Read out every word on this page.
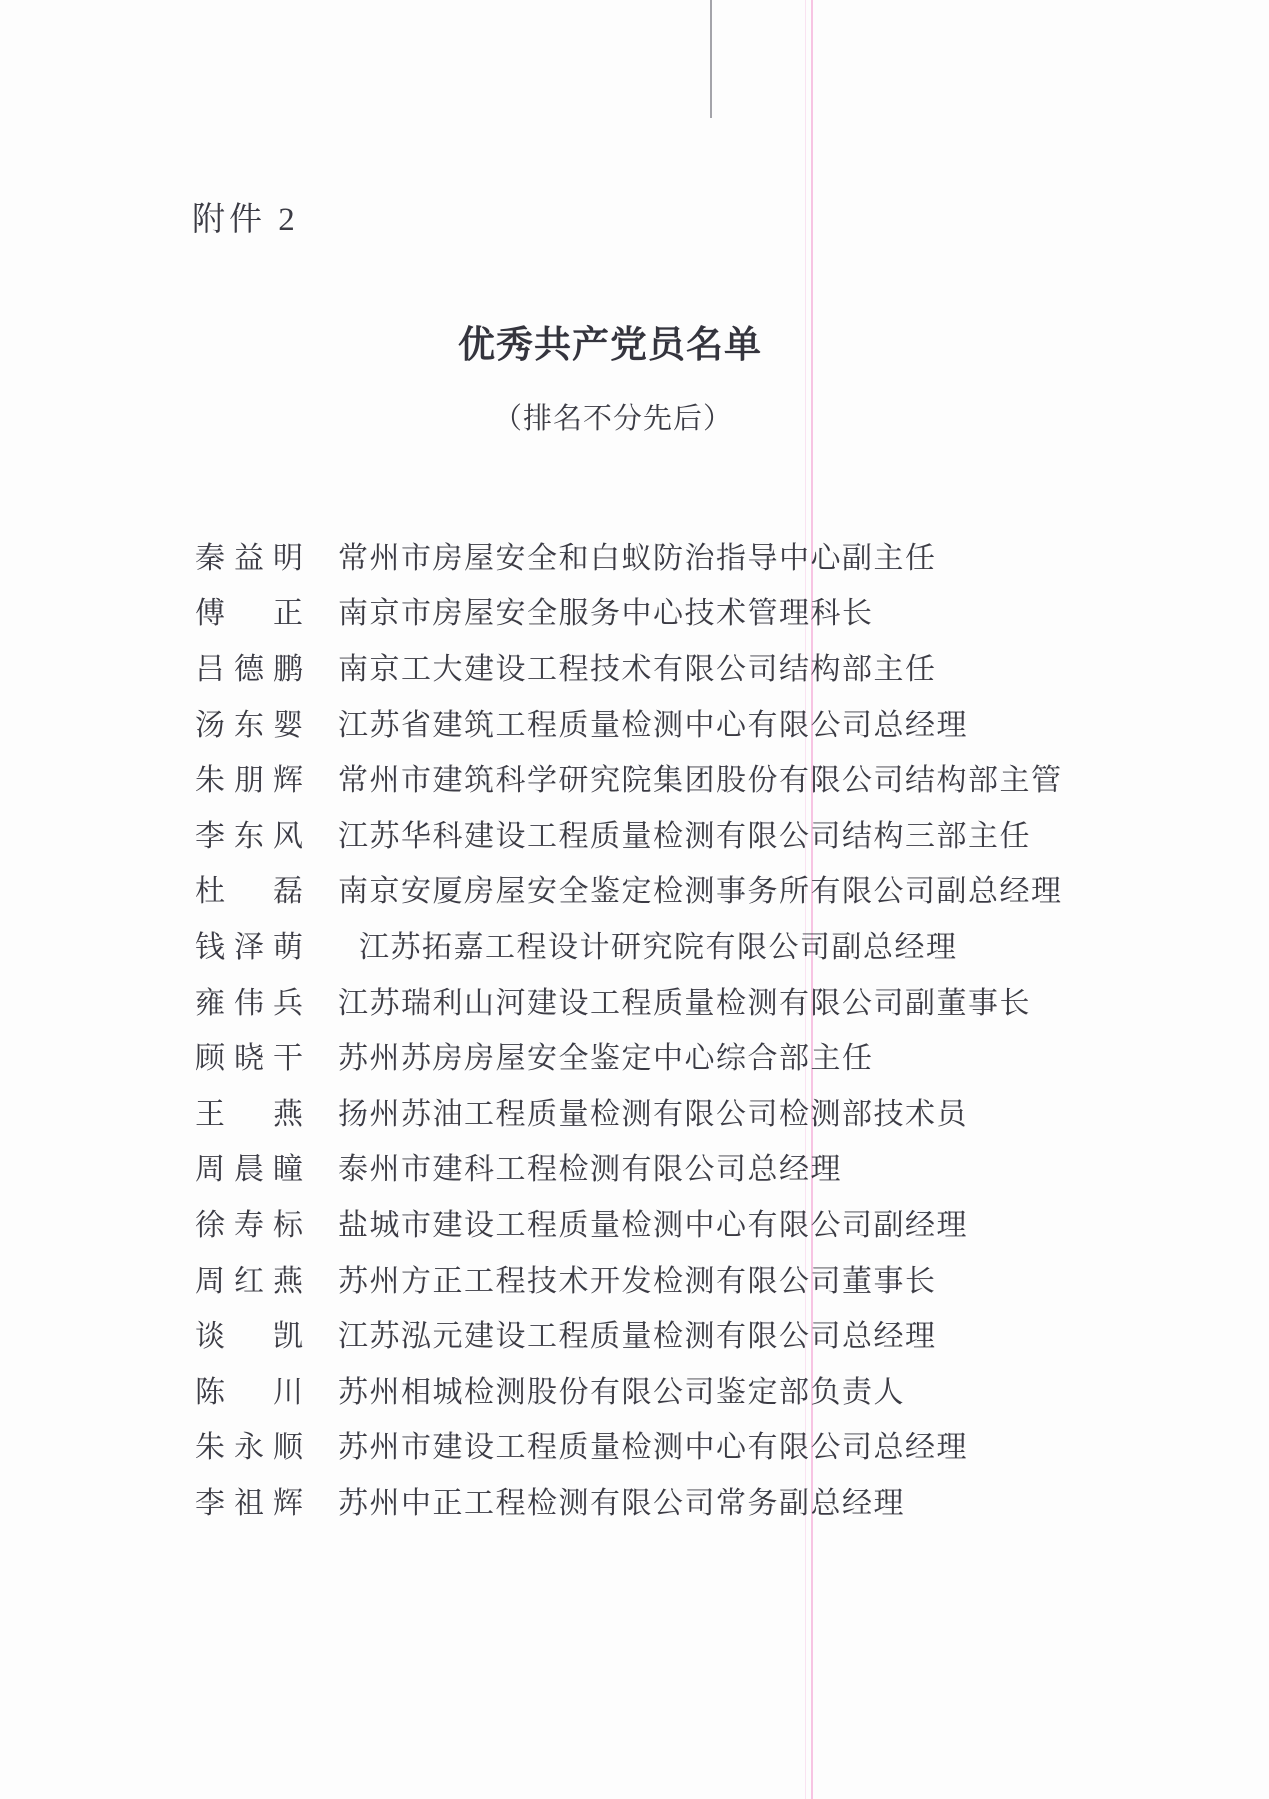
附件 2
优秀共产党员名单
（排名不分先后）
秦益明 常州市房屋安全和白蚁防治指导中心副主任
傅　正 南京市房屋安全服务中心技术管理科长
吕德鹏 南京工大建设工程技术有限公司结构部主任
汤东婴 江苏省建筑工程质量检测中心有限公司总经理
朱朋辉 常州市建筑科学研究院集团股份有限公司结构部主管
李东风 江苏华科建设工程质量检测有限公司结构三部主任
杜　磊 南京安厦房屋安全鉴定检测事务所有限公司副总经理
钱泽萌 江苏拓嘉工程设计研究院有限公司副总经理
雍伟兵 江苏瑞利山河建设工程质量检测有限公司副董事长
顾晓干 苏州苏房房屋安全鉴定中心综合部主任
王　燕 扬州苏油工程质量检测有限公司检测部技术员
周晨瞳 泰州市建科工程检测有限公司总经理
徐寿标 盐城市建设工程质量检测中心有限公司副经理
周红燕 苏州方正工程技术开发检测有限公司董事长
谈　凯 江苏泓元建设工程质量检测有限公司总经理
陈　川 苏州相城检测股份有限公司鉴定部负责人
朱永顺 苏州市建设工程质量检测中心有限公司总经理
李祖辉 苏州中正工程检测有限公司常务副总经理
